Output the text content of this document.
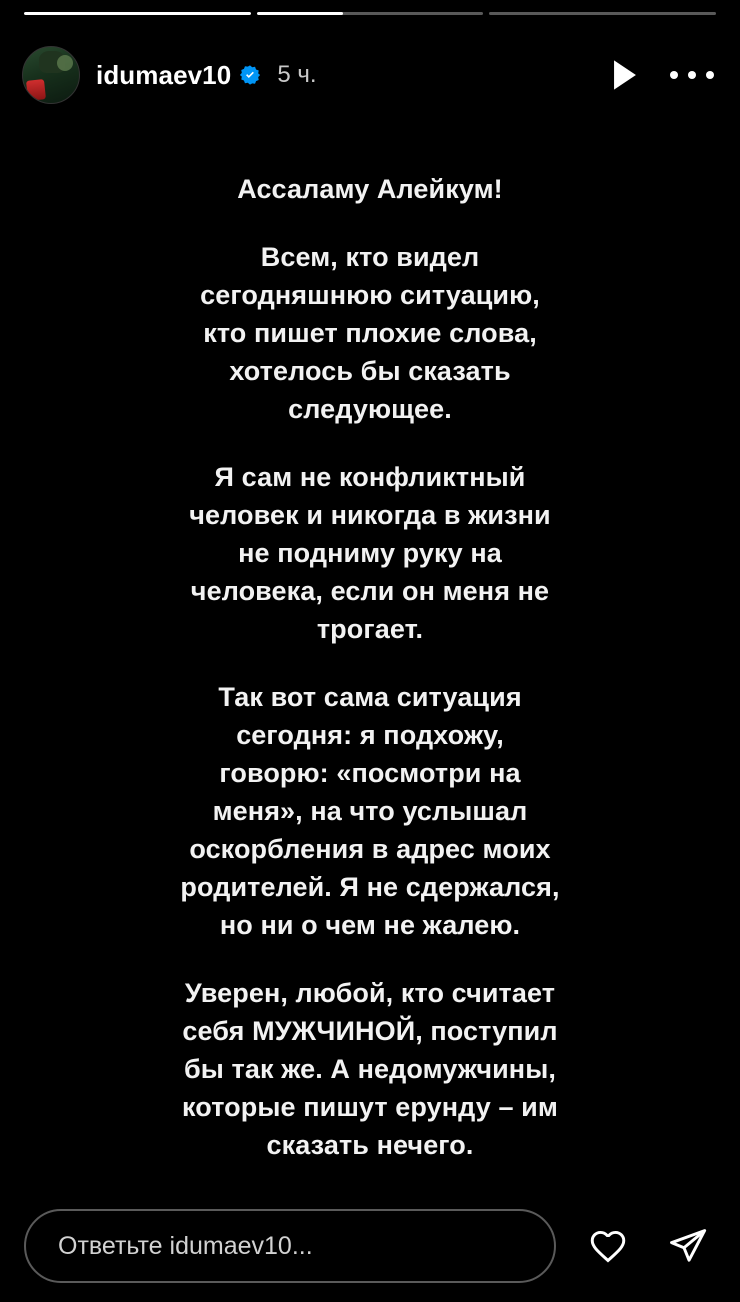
idumaev10 5 ч.

Ассаламу Алейкум!

Всем, кто видел сегодняшнюю ситуацию, кто пишет плохие слова, хотелось бы сказать следующее.

Я сам не конфликтный человек и никогда в жизни не подниму руку на человека, если он меня не трогает.

Так вот сама ситуация сегодня: я подхожу, говорю: «посмотри на меня», на что услышал оскорбления в адрес моих родителей. Я не сдержался, но ни о чем не жалею.

Уверен, любой, кто считает себя МУЖЧИНОЙ, поступил бы так же. А недомужчины, которые пишут ерунду – им сказать нечего.

Ответьте idumaev10...
